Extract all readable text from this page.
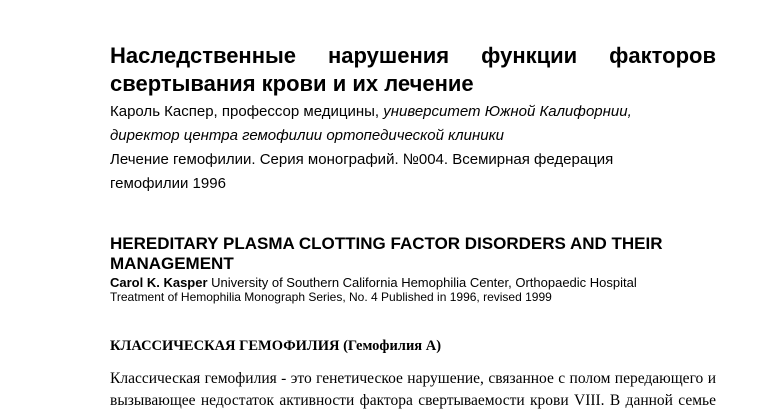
Наследственные нарушения функции факторов
свертывания крови и их лечение
Кароль Каспер, профессор медицины, университет Южной Калифорнии,
директор центра гемофилии ортопедической клиники
Лечение гемофилии. Серия монографий. №004. Всемирная федерация
гемофилии 1996
HEREDITARY PLASMA CLOTTING FACTOR DISORDERS AND THEIR
MANAGEMENT
Carol K. Kasper University of Southern California Hemophilia Center, Orthopaedic Hospital
Treatment of Hemophilia Monograph Series, No. 4 Published in 1996, revised 1999
КЛАССИЧЕСКАЯ ГЕМОФИЛИЯ (Гемофилия А)
Классическая гемофилия - это генетическое нарушение, связанное с полом передающего и
вызывающее недостаток активности фактора свертываемости крови VIII. В данной семье
